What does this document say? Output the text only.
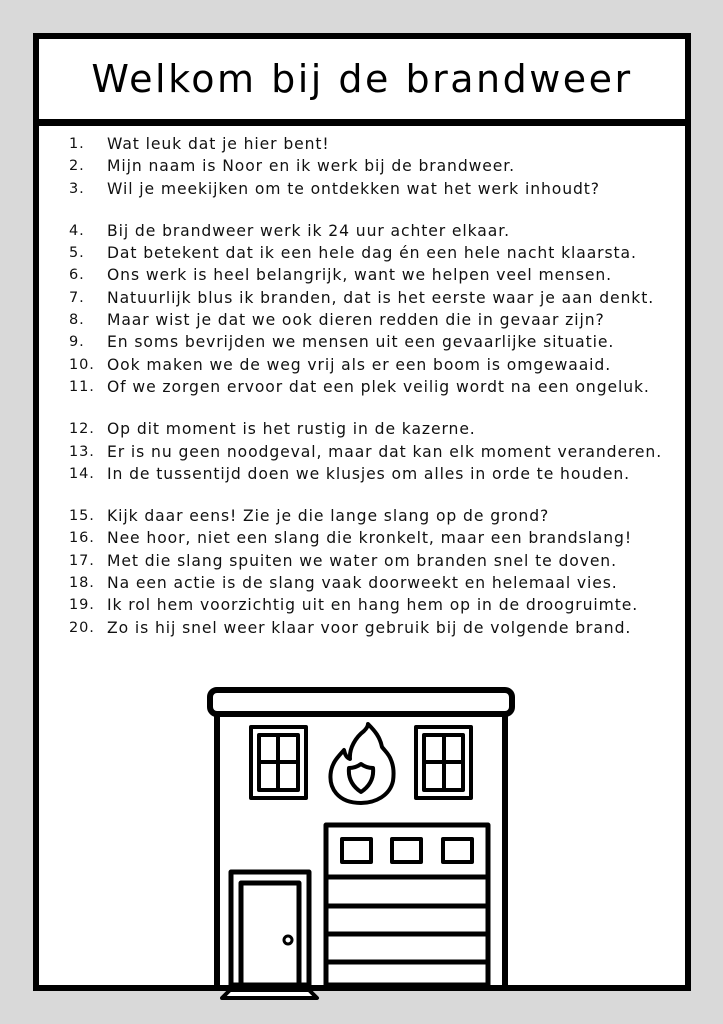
Welkom bij de brandweer
1.	Wat leuk dat je hier bent!
2.	Mijn naam is Noor en ik werk bij de brandweer.
3.	Wil je meekijken om te ontdekken wat het werk inhoudt?
4.	Bij de brandweer werk ik 24 uur achter elkaar.
5.	Dat betekent dat ik een hele dag én een hele nacht klaarsta.
6.	Ons werk is heel belangrijk, want we helpen veel mensen.
7.	Natuurlijk blus ik branden, dat is het eerste waar je aan denkt.
8.	Maar wist je dat we ook dieren redden die in gevaar zijn?
9.	En soms bevrijden we mensen uit een gevaarlijke situatie.
10. Ook maken we de weg vrij als er een boom is omgewaaid.
11. Of we zorgen ervoor dat een plek veilig wordt na een ongeluk.
12. Op dit moment is het rustig in de kazerne.
13. Er is nu geen noodgeval, maar dat kan elk moment veranderen.
14. In de tussentijd doen we klusjes om alles in orde te houden.
15. Kijk daar eens! Zie je die lange slang op de grond?
16. Nee hoor, niet een slang die kronkelt, maar een brandslang!
17. Met die slang spuiten we water om branden snel te doven.
18. Na een actie is de slang vaak doorweekt en helemaal vies.
19. Ik rol hem voorzichtig uit en hang hem op in de droogruimte.
20. Zo is hij snel weer klaar voor gebruik bij de volgende brand.
